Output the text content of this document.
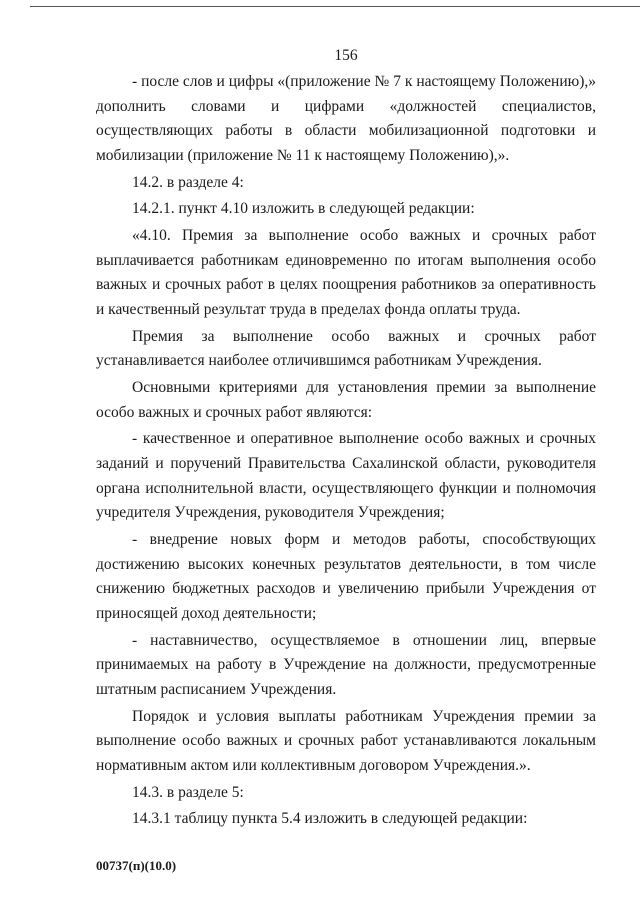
156

- после слов и цифры «(приложение № 7 к настоящему Положению),» дополнить словами и цифрами «должностей специалистов, осуществляющих работы в области мобилизационной подготовки и мобилизации (приложение № 11 к настоящему Положению),».

14.2. в разделе 4:

14.2.1. пункт 4.10 изложить в следующей редакции:

«4.10. Премия за выполнение особо важных и срочных работ выплачивается работникам единовременно по итогам выполнения особо важных и срочных работ в целях поощрения работников за оперативность и качественный результат труда в пределах фонда оплаты труда.

Премия за выполнение особо важных и срочных работ устанавливается наиболее отличившимся работникам Учреждения.

Основными критериями для установления премии за выполнение особо важных и срочных работ являются:

- качественное и оперативное выполнение особо важных и срочных заданий и поручений Правительства Сахалинской области, руководителя органа исполнительной власти, осуществляющего функции и полномочия учредителя Учреждения, руководителя Учреждения;

- внедрение новых форм и методов работы, способствующих достижению высоких конечных результатов деятельности, в том числе снижению бюджетных расходов и увеличению прибыли Учреждения от приносящей доход деятельности;

- наставничество, осуществляемое в отношении лиц, впервые принимаемых на работу в Учреждение на должности, предусмотренные штатным расписанием Учреждения.

Порядок и условия выплаты работникам Учреждения премии за выполнение особо важных и срочных работ устанавливаются локальным нормативным актом или коллективным договором Учреждения.».

14.3. в разделе 5:

14.3.1 таблицу пункта 5.4 изложить в следующей редакции:

00737(п)(10.0)
